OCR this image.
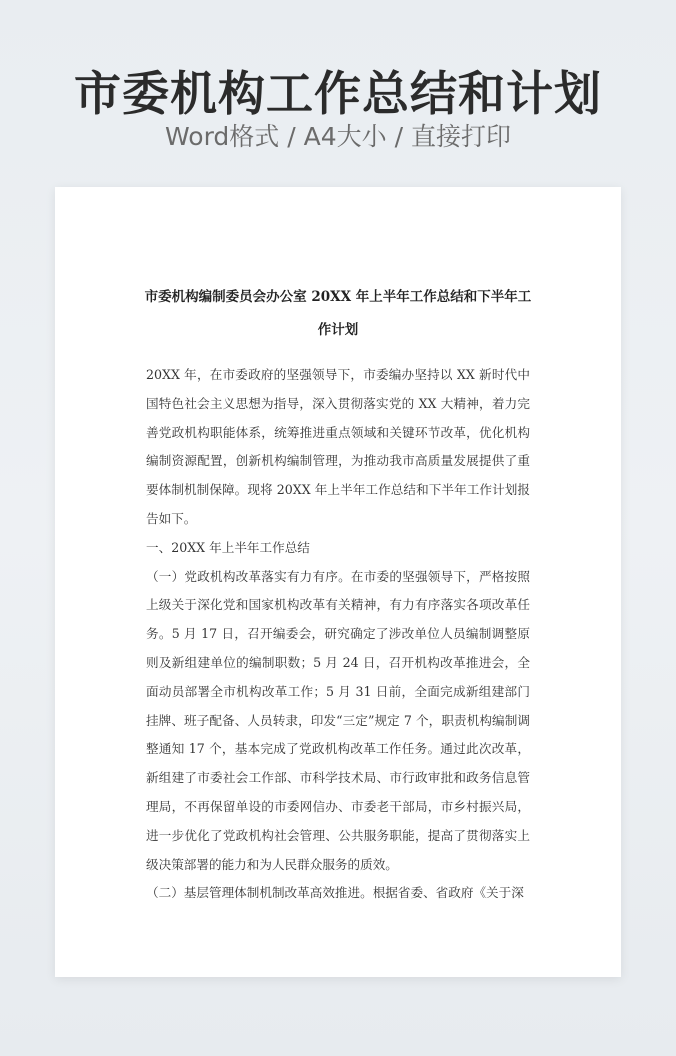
市委机构工作总结和计划
Word格式 / A4大小 / 直接打印
市委机构编制委员会办公室 20XX 年上半年工作总结和下半年工作计划

20XX 年，在市委政府的坚强领导下，市委编办坚持以 XX 新时代中国特色社会主义思想为指导，深入贯彻落实党的 XX 大精神，着力完善党政机构职能体系，统筹推进重点领域和关键环节改革，优化机构编制资源配置，创新机构编制管理，为推动我市高质量发展提供了重要体制机制保障。现将 20XX 年上半年工作总结和下半年工作计划报告如下。

一、20XX 年上半年工作总结

（一）党政机构改革落实有力有序。在市委的坚强领导下，严格按照上级关于深化党和国家机构改革有关精神，有力有序落实各项改革任务。5 月 17 日，召开编委会，研究确定了涉改单位人员编制调整原则及新组建单位的编制职数；5 月 24 日，召开机构改革推进会，全面动员部署全市机构改革工作；5 月 31 日前，全面完成新组建部门挂牌、班子配备、人员转隶，印发“三定”规定 7 个，职责机构编制调整通知 17 个，基本完成了党政机构改革工作任务。通过此次改革，新组建了市委社会工作部、市科学技术局、市行政审批和政务信息管理局，不再保留单设的市委网信办、市委老干部局，市乡村振兴局，进一步优化了党政机构社会管理、公共服务职能，提高了贯彻落实上级决策部署的能力和为人民群众服务的质效。

（二）基层管理体制机制改革高效推进。根据省委、省政府《关于深
